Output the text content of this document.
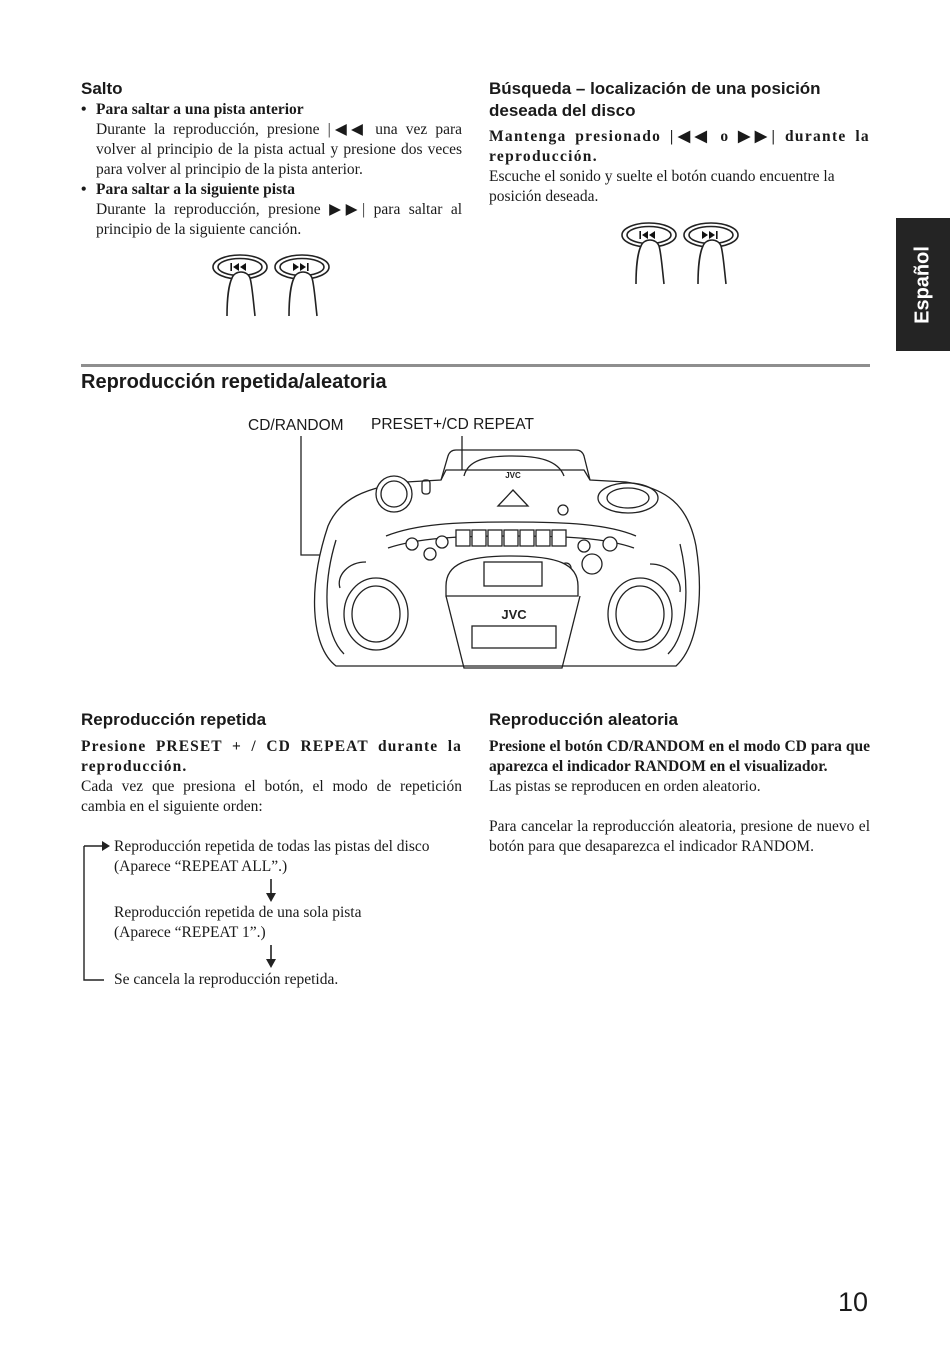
Español
Salto
• Para saltar a una pista anterior
Durante la reproducción, presione |◀◀ una vez para volver al principio de la pista actual y presione dos veces para volver al principio de la pista anterior.
• Para saltar a la siguiente pista
Durante la reproducción, presione ▶▶| para saltar al principio de la siguiente canción.
Búsqueda – localización de una posición deseada del disco
Mantenga presionado |◀◀ o ▶▶| durante la reproducción.
Escuche el sonido y suelte el botón cuando encuentre la posición deseada.
Reproducción repetida/aleatoria
CD/RANDOM PRESET+/CD REPEAT
JVC
JVC
Reproducción repetida
Presione PRESET + / CD REPEAT durante la reproducción.
Cada vez que presiona el botón, el modo de repetición cambia en el siguiente orden:
Reproducción repetida de todas las pistas del disco
(Aparece “REPEAT ALL”.)
Reproducción repetida de una sola pista
(Aparece “REPEAT 1”.)
Se cancela la reproducción repetida.
Reproducción aleatoria
Presione el botón CD/RANDOM en el modo CD para que aparezca el indicador RANDOM en el visualizador.
Las pistas se reproducen en orden aleatorio.
Para cancelar la reproducción aleatoria, presione de nuevo el botón para que desaparezca el indicador RANDOM.
10
